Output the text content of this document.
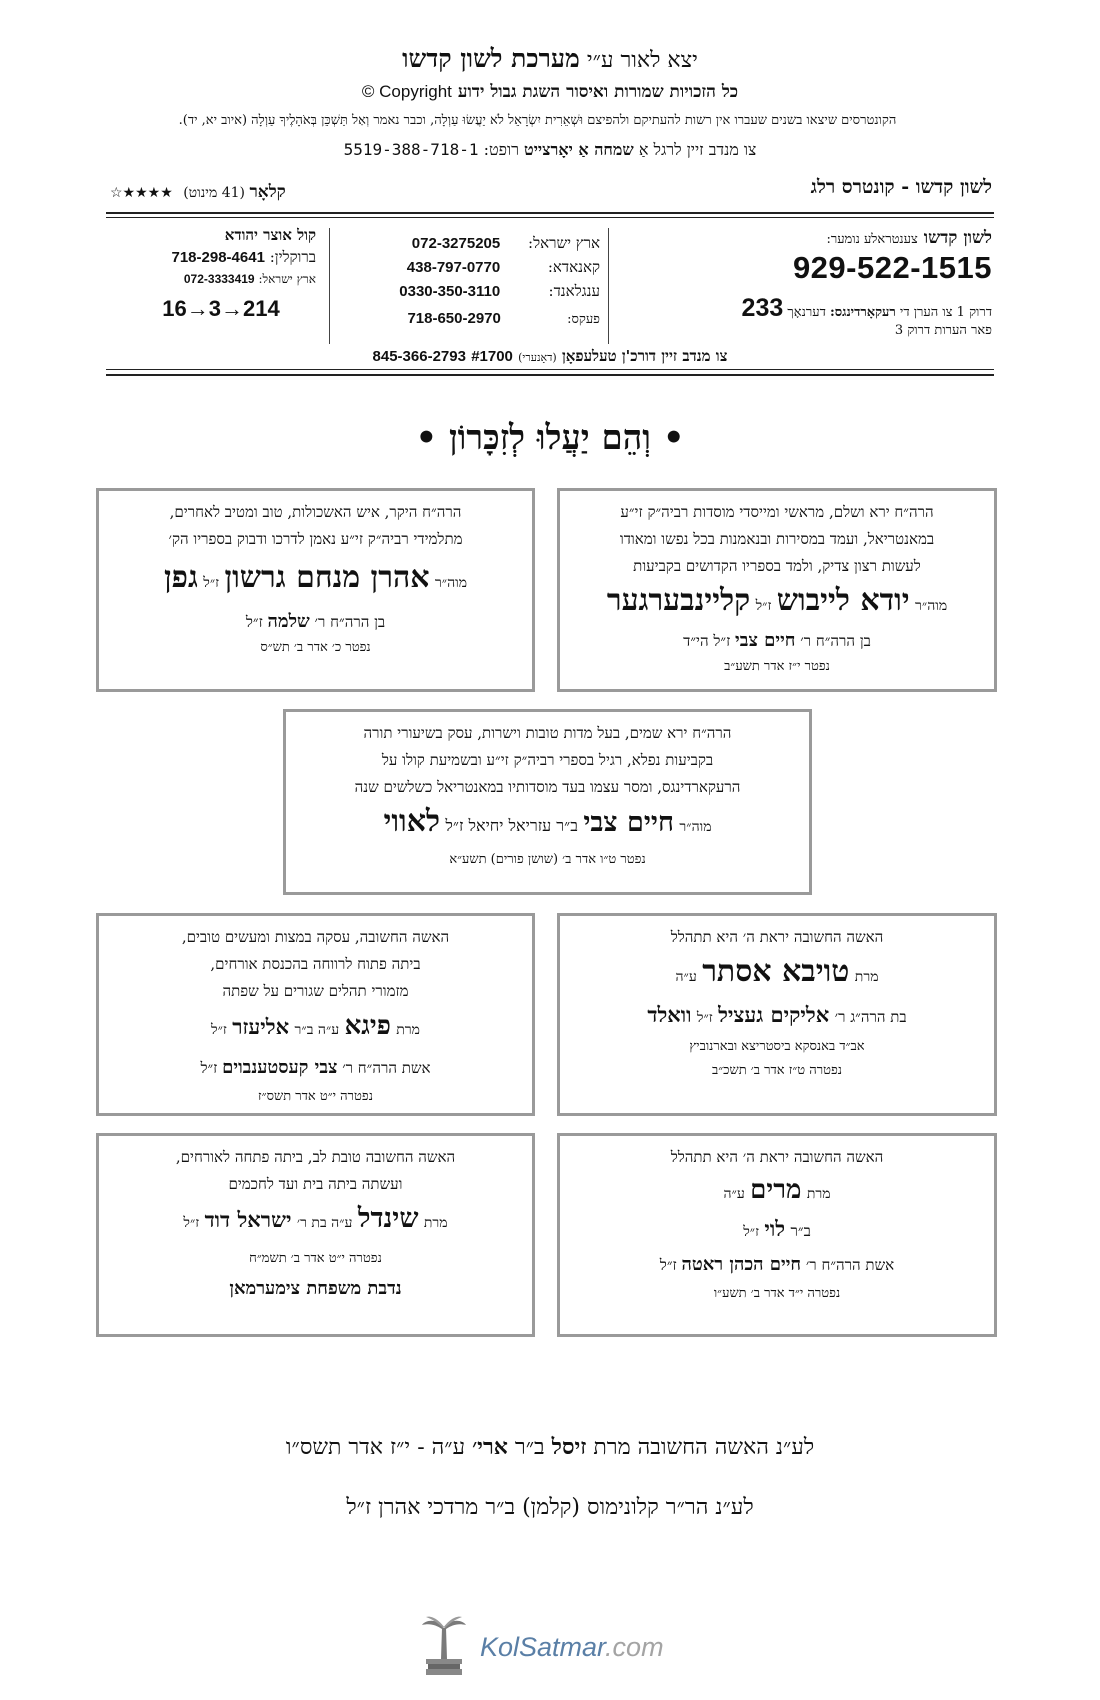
יצא לאור ע״י מערכת לשון קדשו
כל הזכויות שמורות ואיסור השגת גבול ידוע Copyright ©
הקונטרסים שיצאו בשנים שעברו אין רשות להעתיקם ולהפיצם וּשְׁאֵרִית יִשְׂרָאֵל לֹא יַעֲשׂוּ עַוְלָה, וכבר נאמר וְאַל תַּשְׁכֵּן בְּאֹהָלֶיךָ עַוְלָה (איוב יא, יד).
צו מנדב זיין לרגל אַ שמחה אַ יאָרצייט רופט: 5519-388-718-1
לשון קדשו - קונטרס רלג
קלאָר (41 מינוט) ★★★★☆
לשון קדשו צענטראלע נומער:
929-522-1515
דרוק 1 צו הערן די רעקאָרדינגס: דערנאָך 233
פאר הערות דרוק 3
ארץ ישראל: 072-3275205
קאנאדא: 438-797-0770
ענגלאנד: 0330-350-3110
פעקס: 718-650-2970
קול אוצר יהודא
ברוקלין: 718-298-4641
ארץ ישראל: 072-3333419
16→3→214
צו מנדב זיין דורכ'ן טעלעפאָן (דאָנערי) #1700 845-366-2793
• וְהֵם יַעֲלוּ לְזִכָּרוֹן •
הרה״ח ירא ושלם, מראשי ומייסדי מוסדות רביה״ק זי״ע
במאנטריאל, ועמד במסירות ובנאמנות בכל נפשו ומאודו
לעשות רצון צדיק, ולמד בספריו הקדושים בקביעות
מוה״ר יודא לייבוש ז״ל קליינבערגער
בן הרה״ח ר׳ חיים צבי ז״ל הי״ד
נפטר י״ז אדר תשע״ב
הרה״ח היקר, איש האשכולות, טוב ומטיב לאחרים,
מתלמידי רביה״ק זי״ע נאמן לדרכו ודבוק בספריו הק׳
מוה״ר אהרן מנחם גרשון ז״ל גפן
בן הרה״ח ר׳ שלמה ז״ל
נפטר כ׳ אדר ב׳ תש״ס
הרה״ח ירא שמים, בעל מדות טובות וישרות, עסק בשיעורי תורה
בקביעות נפלא, רגיל בספרי רביה״ק זי״ע ובשמיעת קולו על
הרעקארדינגס, ומסר עצמו בעד מוסדותיו במאנטריאל כשלשים שנה
מוה״ר חיים צבי ב״ר עזריאל יחיאל ז״ל לאווי
נפטר ט״ו אדר ב׳ (שושן פורים) תשע״א
האשה החשובה יראת ה׳ היא תתהלל
מרת טויבא אסתר ע״ה
בת הרה״ג ר׳ אליקים געציל ז״ל וואלד
אב״ד באנסקא ביסטריצא ובארנוביץ
נפטרה ט״ז אדר ב׳ תשכ״ב
האשה החשובה, עסקה במצות ומעשים טובים,
ביתה פתוח לרווחה בהכנסת אורחים,
מזמורי תהלים שגורים על שפתה
מרת פיגא ע״ה ב״ר אליעזר ז״ל
אשת הרה״ח ר׳ צבי קעסטענבוים ז״ל
נפטרה י״ט אדר תשס״ז
האשה החשובה יראת ה׳ היא תתהלל
מרת מרים ע״ה
ב״ר לוי ז״ל
אשת הרה״ח ר׳ חיים הכהן ראטה ז״ל
נפטרה י״ד אדר ב׳ תשע״ו
האשה החשובה טובת לב, ביתה פתחה לאורחים,
ועשתה ביתה בית ועד לחכמים
מרת שינדל ע״ה בת ר׳ ישראל דוד ז״ל
נפטרה י״ט אדר ב׳ תשמ״ח
נדבת משפחת צימערמאן
לע״נ האשה החשובה מרת זיסל ב״ר ארי׳ ע״ה - י״ז אדר תשס״ו
לע״נ הר״ר קלונימוס (קלמן) ב״ר מרדכי אהרן ז״ל
KolSatmar.com
